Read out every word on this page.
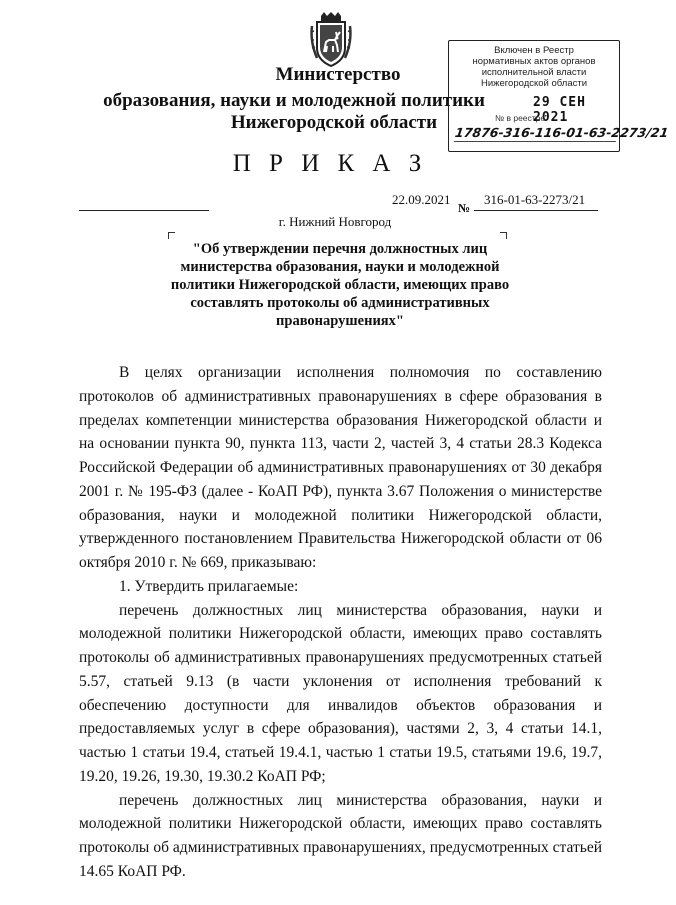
Министерство
образования, науки и молодежной политики
Нижегородской области
Включен в Реестр
нормативных актов органов
исполнительной власти
Нижегородской области
29 СЕН 2021
№ в реестре
17876-316-116-01-63-2273/21
П Р И К А З
22.09.2021	316-01-63-2273/21
№
г. Нижний Новгород
"Об утверждении перечня должностных лиц министерства образования, науки и молодежной политики Нижегородской области, имеющих право составлять протоколы об административных правонарушениях"

В целях организации исполнения полномочия по составлению протоколов об административных правонарушениях в сфере образования в пределах компетенции министерства образования Нижегородской области и на основании пункта 90, пункта 113, части 2, частей 3, 4 статьи 28.3 Кодекса Российской Федерации об административных правонарушениях от 30 декабря 2001 г. № 195-ФЗ (далее - КоАП РФ), пункта 3.67 Положения о министерстве образования, науки и молодежной политики Нижегородской области, утвержденного постановлением Правительства Нижегородской области от 06 октября 2010 г. № 669, приказываю:

1. Утвердить прилагаемые:

перечень должностных лиц министерства образования, науки и молодежной политики Нижегородской области, имеющих право составлять протоколы об административных правонарушениях предусмотренных статьей 5.57, статьей 9.13 (в части уклонения от исполнения требований к обеспечению доступности для инвалидов объектов образования и предоставляемых услуг в сфере образования), частями 2, 3, 4 статьи 14.1, частью 1 статьи 19.4, статьей 19.4.1, частью 1 статьи 19.5, статьями 19.6, 19.7, 19.20, 19.26, 19.30, 19.30.2 КоАП РФ;

перечень должностных лиц министерства образования, науки и молодежной политики Нижегородской области, имеющих право составлять протоколы об административных правонарушениях, предусмотренных статьей 14.65 КоАП РФ.
